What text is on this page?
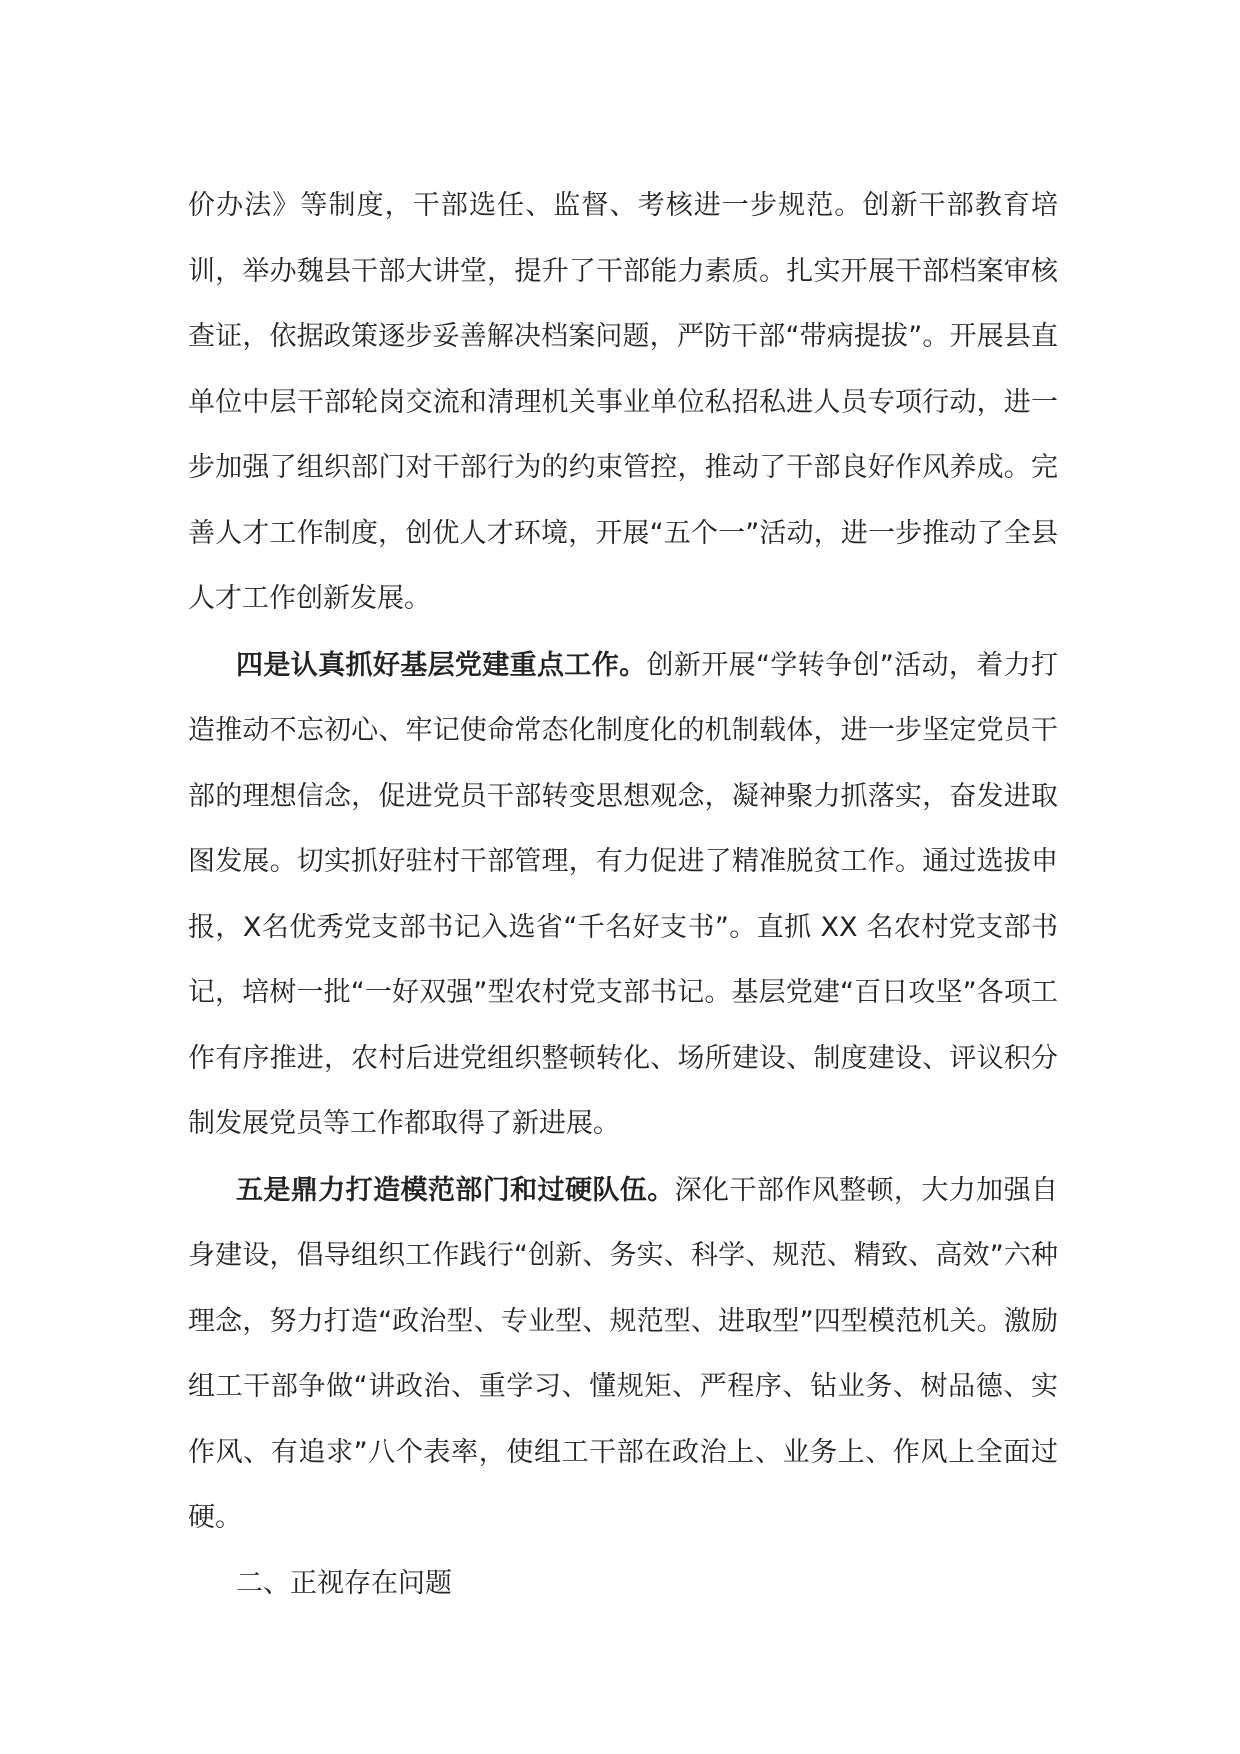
价办法》等制度，干部选任、监督、考核进一步规范。创新干部教育培训，举办魏县干部大讲堂，提升了干部能力素质。扎实开展干部档案审核查证，依据政策逐步妥善解决档案问题，严防干部“带病提拔”。开展县直单位中层干部轮岗交流和清理机关事业单位私招私进人员专项行动，进一步加强了组织部门对干部行为的约束管控，推动了干部良好作风养成。完善人才工作制度，创优人才环境，开展“五个一”活动，进一步推动了全县人才工作创新发展。

四是认真抓好基层党建重点工作。创新开展“学转争创”活动，着力打造推动不忘初心、牢记使命常态化制度化的机制载体，进一步坚定党员干部的理想信念，促进党员干部转变思想观念，凝神聚力抓落实，奋发进取图发展。切实抓好驻村干部管理，有力促进了精准脱贫工作。通过选拔申报，X名优秀党支部书记入选省“千名好支书”。直抓 XX 名农村党支部书记，培树一批“一好双强”型农村党支部书记。基层党建“百日攻坚”各项工作有序推进，农村后进党组织整顿转化、场所建设、制度建设、评议积分制发展党员等工作都取得了新进展。

五是鼎力打造模范部门和过硬队伍。深化干部作风整顿，大力加强自身建设，倡导组织工作践行“创新、务实、科学、规范、精致、高效”六种理念，努力打造“政治型、专业型、规范型、进取型”四型模范机关。激励组工干部争做“讲政治、重学习、懂规矩、严程序、钻业务、树品德、实作风、有追求”八个表率，使组工干部在政治上、业务上、作风上全面过硬。

二、正视存在问题
